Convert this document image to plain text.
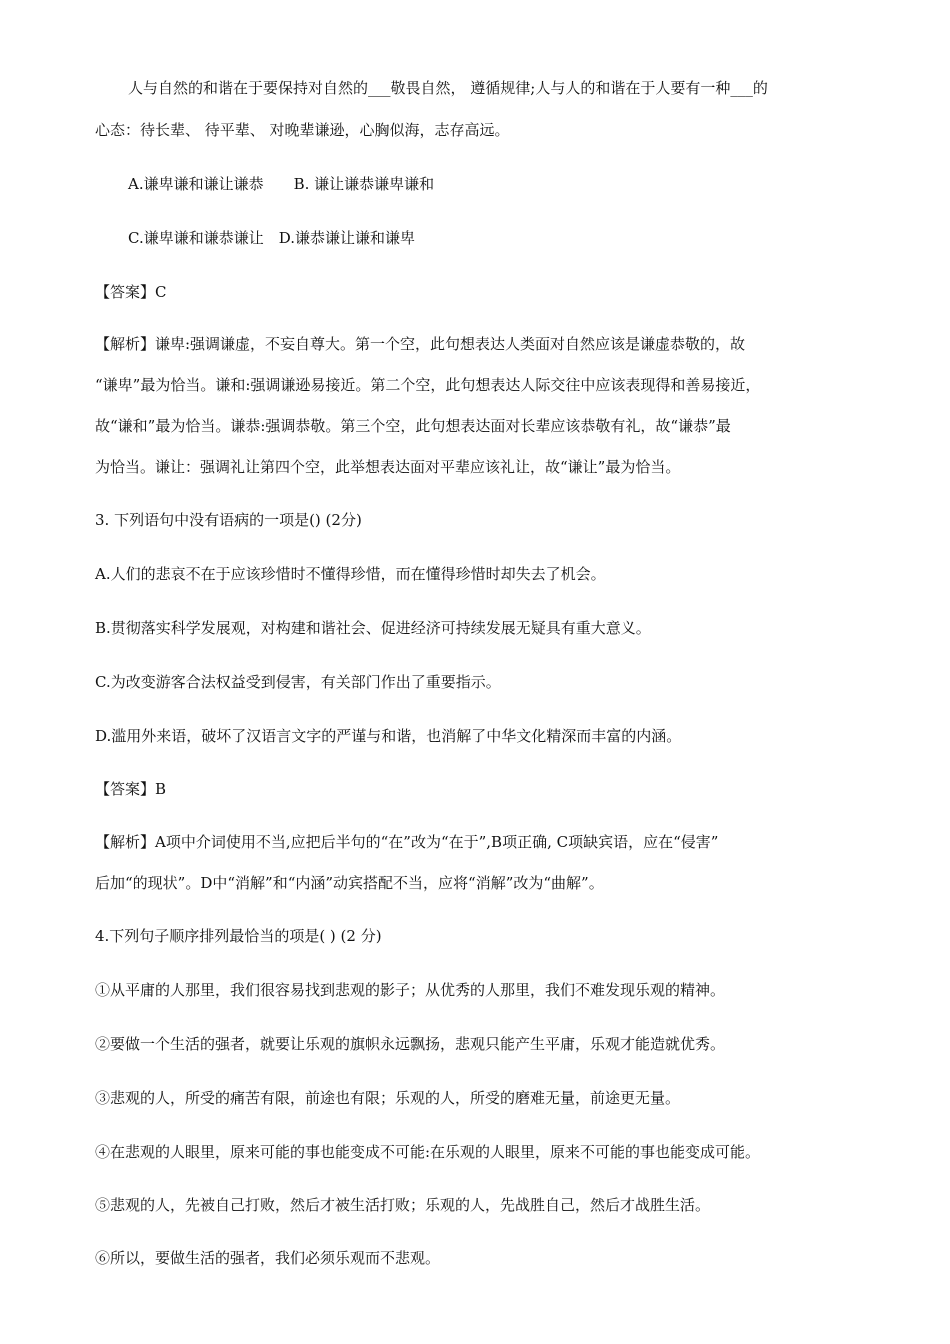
人与自然的和谐在于要保持对自然的___敬畏自然， 遵循规律;人与人的和谐在于人要有一种___的
心态：待长辈、 待平辈、 对晚辈谦逊，心胸似海，志存高远。
A.谦卑谦和谦让谦恭　　B. 谦让谦恭谦卑谦和
C.谦卑谦和谦恭谦让　D.谦恭谦让谦和谦卑
【答案】C
【解析】谦卑:强调谦虚，不妄自尊大。第一个空，此句想表达人类面对自然应该是谦虚恭敬的，故
“谦卑”最为恰当。谦和:强调谦逊易接近。第二个空，此句想表达人际交往中应该表现得和善易接近，
故“谦和”最为恰当。谦恭:强调恭敬。第三个空，此句想表达面对长辈应该恭敬有礼，故“谦恭”最
为恰当。谦让：强调礼让第四个空，此举想表达面对平辈应该礼让，故“谦让”最为恰当。
3. 下列语句中没有语病的一项是() (2分)
A.人们的悲哀不在于应该珍惜时不懂得珍惜，而在懂得珍惜时却失去了机会。
B.贯彻落实科学发展观，对构建和谐社会、促进经济可持续发展无疑具有重大意义。
C.为改变游客合法权益受到侵害，有关部门作出了重要指示。
D.滥用外来语，破坏了汉语言文字的严谨与和谐，也消解了中华文化精深而丰富的内涵。
【答案】B
【解析】A项中介词使用不当,应把后半句的“在”改为“在于”,B项正确, C项缺宾语，应在“侵害”
后加“的现状”。D中“消解”和“内涵”动宾搭配不当，应将“消解”改为“曲解”。
4.下列句子顺序排列最恰当的项是( ) (2 分)
①从平庸的人那里，我们很容易找到悲观的影子；从优秀的人那里，我们不难发现乐观的精神。
②要做一个生活的强者，就要让乐观的旗帜永远飘扬，悲观只能产生平庸，乐观才能造就优秀。
③悲观的人，所受的痛苦有限，前途也有限；乐观的人，所受的磨难无量，前途更无量。
④在悲观的人眼里，原来可能的事也能变成不可能:在乐观的人眼里，原来不可能的事也能变成可能。
⑤悲观的人，先被自己打败，然后才被生活打败；乐观的人，先战胜自己，然后才战胜生活。
⑥所以，要做生活的强者，我们必须乐观而不悲观。
